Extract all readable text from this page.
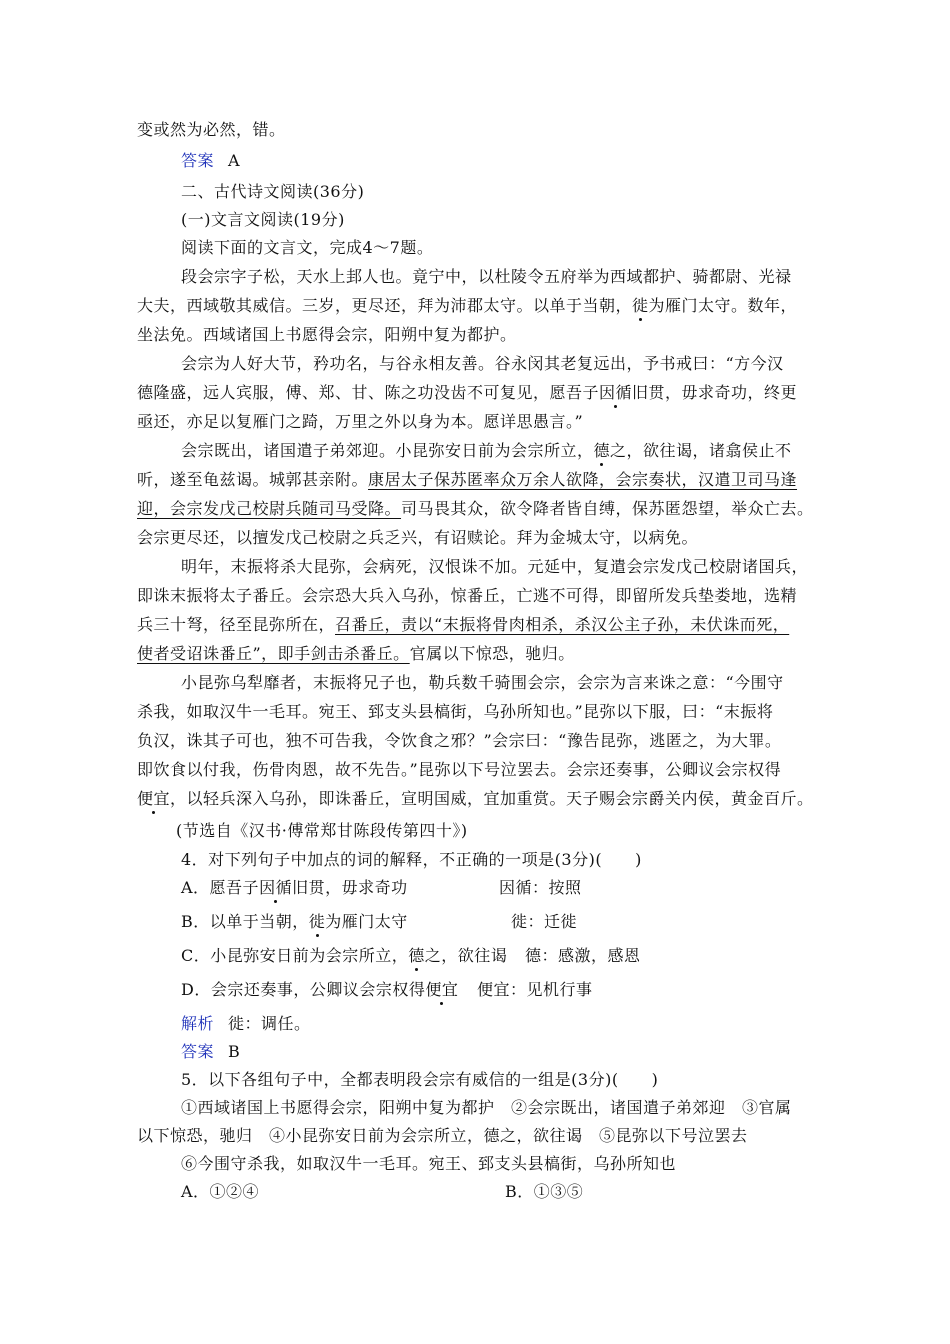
变或然为必然，错。
答案 A
二、古代诗文阅读(36分)
(一)文言文阅读(19分)
阅读下面的文言文，完成4～7题。
段会宗字子松，天水上邽人也。竟宁中，以杜陵令五府举为西域都护、骑都尉、光禄
大夫，西域敬其威信。三岁，更尽还，拜为沛郡太守。以单于当朝，徙为雁门太守。数年，
坐法免。西域诸国上书愿得会宗，阳朔中复为都护。
会宗为人好大节，矜功名，与谷永相友善。谷永闵其老复远出，予书戒曰：“方今汉
德隆盛，远人宾服，傅、郑、甘、陈之功没齿不可复见，愿吾子因循旧贯，毋求奇功，终更
亟还，亦足以复雁门之踦，万里之外以身为本。愿详思愚言。”
会宗既出，诸国遣子弟郊迎。小昆弥安日前为会宗所立，德之，欲往谒，诸翕侯止不
听，遂至龟兹谒。城郭甚亲附。康居太子保苏匿率众万余人欲降，会宗奏状，汉遣卫司马逢
迎，会宗发戊己校尉兵随司马受降。司马畏其众，欲令降者皆自缚，保苏匿怨望，举众亡去。
会宗更尽还，以擅发戊己校尉之兵乏兴，有诏赎论。拜为金城太守，以病免。
明年，末振将杀大昆弥，会病死，汉恨诛不加。元延中，复遣会宗发戊己校尉诸国兵，
即诛末振将太子番丘。会宗恐大兵入乌孙，惊番丘，亡逃不可得，即留所发兵垫娄地，选精
兵三十弩，径至昆弥所在，召番丘，责以“末振将骨肉相杀，杀汉公主子孙，未伏诛而死，
使者受诏诛番丘”，即手剑击杀番丘。官属以下惊恐，驰归。
小昆弥乌犁靡者，末振将兄子也，勒兵数千骑围会宗，会宗为言来诛之意：“今围守
杀我，如取汉牛一毛耳。宛王、郅支头县槁街，乌孙所知也。”昆弥以下服，曰：“末振将
负汉，诛其子可也，独不可告我，令饮食之邪？”会宗曰：“豫告昆弥，逃匿之，为大罪。
即饮食以付我，伤骨肉恩，故不先告。”昆弥以下号泣罢去。会宗还奏事，公卿议会宗权得
便宜，以轻兵深入乌孙，即诛番丘，宣明国威，宜加重赏。天子赐会宗爵关内侯，黄金百斤。
(节选自《汉书·傅常郑甘陈段传第四十》)
4．对下列句子中加点的词的解释，不正确的一项是(3分)(　　)
A．愿吾子因循旧贯，毋求奇功	因循：按照
B．以单于当朝，徙为雁门太守	徙：迁徙
C．小昆弥安日前为会宗所立，德之，欲往谒 德：感激，感恩
D．会宗还奏事，公卿议会宗权得便宜 便宜：见机行事
解析 徙：调任。
答案 B
5．以下各组句子中，全都表明段会宗有威信的一组是(3分)(　　)
①西域诸国上书愿得会宗，阳朔中复为都护　②会宗既出，诸国遣子弟郊迎　③官属
以下惊恐，驰归　④小昆弥安日前为会宗所立，德之，欲往谒　⑤昆弥以下号泣罢去
⑥今围守杀我，如取汉牛一毛耳。宛王、郅支头县槁街，乌孙所知也
A．①②④	B．①③⑤
